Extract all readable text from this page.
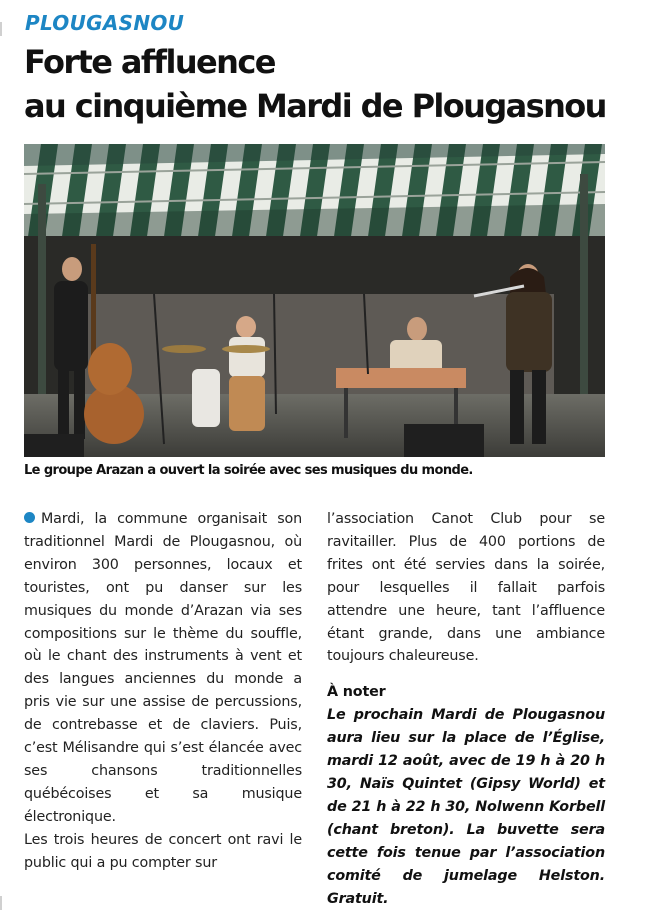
PLOUGASNOU
Forte affluence
au cinquième Mardi de Plougasnou

Le groupe Arazan a ouvert la soirée avec ses musiques du monde.

Mardi, la commune organisait son traditionnel Mardi de Plougasnou, où environ 300 personnes, locaux et touristes, ont pu danser sur les musiques du monde d’Arazan via ses compositions sur le thème du souffle, où le chant des instruments à vent et des langues anciennes du monde a pris vie sur une assise de percussions, de contrebasse et de claviers. Puis, c’est Mélisandre qui s’est élancée avec ses chansons traditionnelles québécoises et sa musique électronique.

Les trois heures de concert ont ravi le public qui a pu compter sur

l’association Canot Club pour se ravitailler. Plus de 400 portions de frites ont été servies dans la soirée, pour lesquelles il fallait parfois attendre une heure, tant l’affluence étant grande, dans une ambiance toujours chaleureuse.

À noter

Le prochain Mardi de Plougasnou aura lieu sur la place de l’Église, mardi 12 août, avec de 19 h à 20 h 30, Naïs Quintet (Gipsy World) et de 21 h à 22 h 30, Nolwenn Korbell (chant breton). La buvette sera cette fois tenue par l’association comité de jumelage Helston. Gratuit.
